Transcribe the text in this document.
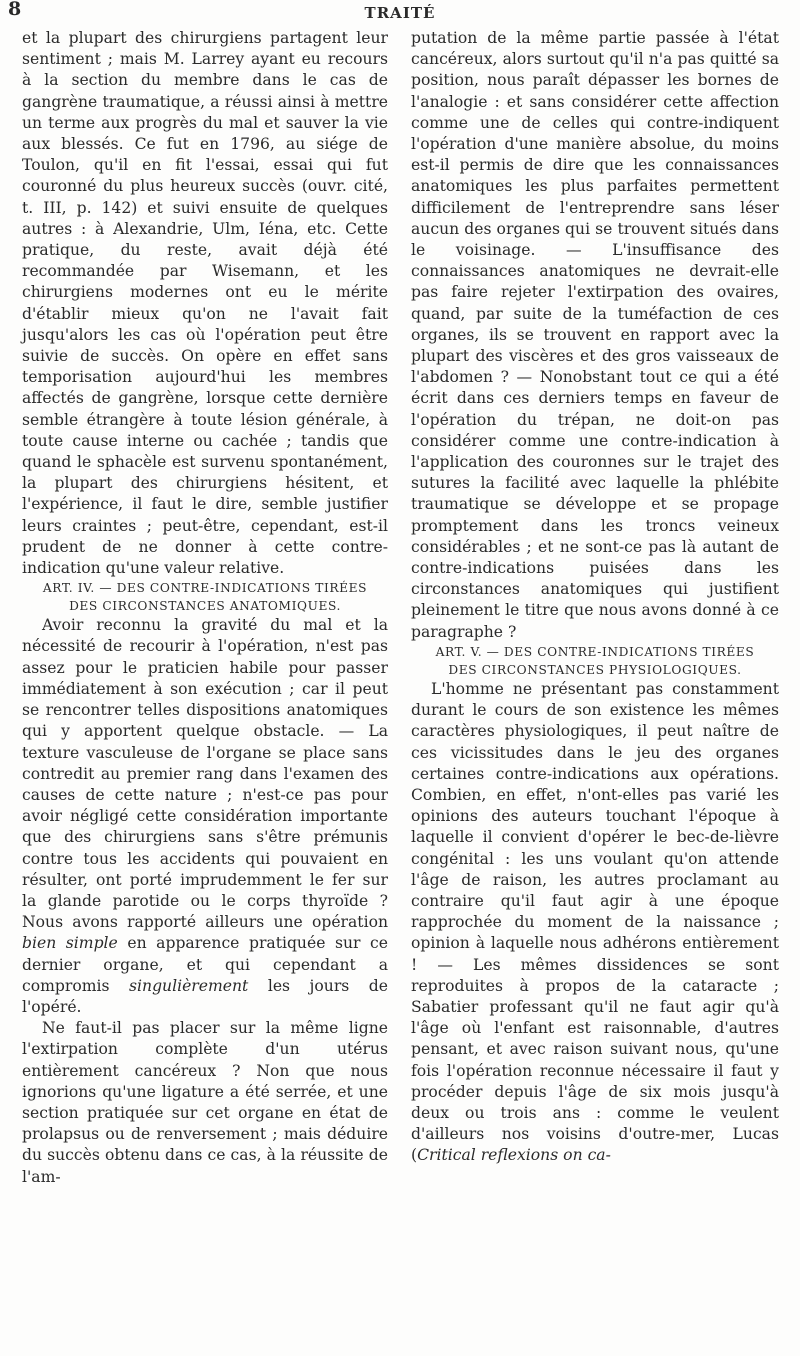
8	TRAITÉ

et la plupart des chirurgiens partagent leur sentiment ; mais M. Larrey ayant eu recours à la section du membre dans le cas de gangrène traumatique, a réussi ainsi à mettre un terme aux progrès du mal et sauver la vie aux blessés. Ce fut en 1796, au siége de Toulon, qu'il en fit l'essai, essai qui fut couronné du plus heureux succès (ouvr. cité, t. III, p. 142) et suivi ensuite de quelques autres : à Alexandrie, Ulm, Iéna, etc. Cette pratique, du reste, avait déjà été recommandée par Wisemann, et les chirurgiens modernes ont eu le mérite d'établir mieux qu'on ne l'avait fait jusqu'alors les cas où l'opération peut être suivie de succès. On opère en effet sans temporisation aujourd'hui les membres affectés de gangrène, lorsque cette dernière semble étrangère à toute lésion générale, à toute cause interne ou cachée ; tandis que quand le sphacèle est survenu spontanément, la plupart des chirurgiens hésitent, et l'expérience, il faut le dire, semble justifier leurs craintes ; peut-être, cependant, est-il prudent de ne donner à cette contre-indication qu'une valeur relative.

ART. IV. — DES CONTRE-INDICATIONS TIRÉES
DES CIRCONSTANCES ANATOMIQUES.

Avoir reconnu la gravité du mal et la nécessité de recourir à l'opération, n'est pas assez pour le praticien habile pour passer immédiatement à son exécution ; car il peut se rencontrer telles dispositions anatomiques qui y apportent quelque obstacle. — La texture vasculeuse de l'organe se place sans contredit au premier rang dans l'examen des causes de cette nature ; n'est-ce pas pour avoir négligé cette considération importante que des chirurgiens sans s'être prémunis contre tous les accidents qui pouvaient en résulter, ont porté imprudemment le fer sur la glande parotide ou le corps thyroïde ? Nous avons rapporté ailleurs une opération bien simple en apparence pratiquée sur ce dernier organe, et qui cependant a compromis singulièrement les jours de l'opéré.

Ne faut-il pas placer sur la même ligne l'extirpation complète d'un utérus entièrement cancéreux ? Non que nous ignorions qu'une ligature a été serrée, et une section pratiquée sur cet organe en état de prolapsus ou de renversement ; mais déduire du succès obtenu dans ce cas, à la réussite de l'am-

putation de la même partie passée à l'état cancéreux, alors surtout qu'il n'a pas quitté sa position, nous paraît dépasser les bornes de l'analogie : et sans considérer cette affection comme une de celles qui contre-indiquent l'opération d'une manière absolue, du moins est-il permis de dire que les connaissances anatomiques les plus parfaites permettent difficilement de l'entreprendre sans léser aucun des organes qui se trouvent situés dans le voisinage. — L'insuffisance des connaissances anatomiques ne devrait-elle pas faire rejeter l'extirpation des ovaires, quand, par suite de la tuméfaction de ces organes, ils se trouvent en rapport avec la plupart des viscères et des gros vaisseaux de l'abdomen ? — Nonobstant tout ce qui a été écrit dans ces derniers temps en faveur de l'opération du trépan, ne doit-on pas considérer comme une contre-indication à l'application des couronnes sur le trajet des sutures la facilité avec laquelle la phlébite traumatique se développe et se propage promptement dans les troncs veineux considérables ; et ne sont-ce pas là autant de contre-indications puisées dans les circonstances anatomiques qui justifient pleinement le titre que nous avons donné à ce paragraphe ?

ART. V. — DES CONTRE-INDICATIONS TIRÉES
DES CIRCONSTANCES PHYSIOLOGIQUES.

L'homme ne présentant pas constamment durant le cours de son existence les mêmes caractères physiologiques, il peut naître de ces vicissitudes dans le jeu des organes certaines contre-indications aux opérations. Combien, en effet, n'ont-elles pas varié les opinions des auteurs touchant l'époque à laquelle il convient d'opérer le bec-de-lièvre congénital : les uns voulant qu'on attende l'âge de raison, les autres proclamant au contraire qu'il faut agir à une époque rapprochée du moment de la naissance ; opinion à laquelle nous adhérons entièrement ! — Les mêmes dissidences se sont reproduites à propos de la cataracte ; Sabatier professant qu'il ne faut agir qu'à l'âge où l'enfant est raisonnable, d'autres pensant, et avec raison suivant nous, qu'une fois l'opération reconnue nécessaire il faut y procéder depuis l'âge de six mois jusqu'à deux ou trois ans : comme le veulent d'ailleurs nos voisins d'outre-mer, Lucas (Critical reflexions on ca-
